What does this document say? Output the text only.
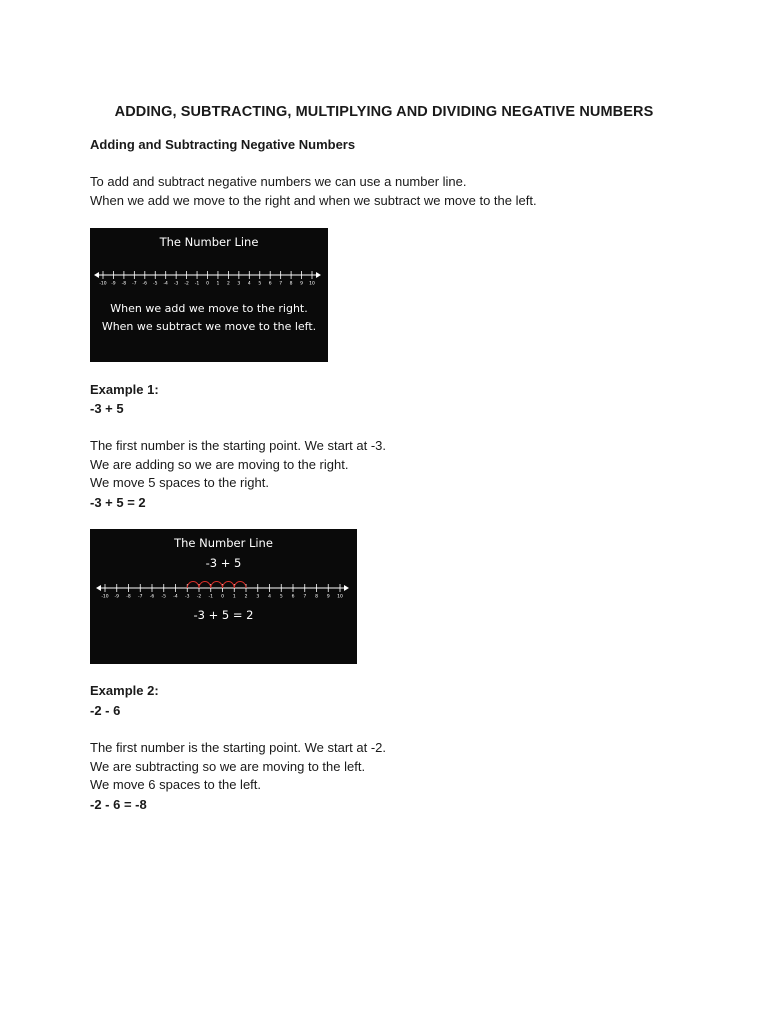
ADDING, SUBTRACTING, MULTIPLYING AND DIVIDING NEGATIVE NUMBERS
Adding and Subtracting Negative Numbers
To add and subtract negative numbers we can use a number line.
When we add we move to the right and when we subtract we move to the left.
The Number Line
-10 -9 -8 -7 -6 -5 -4 -3 -2 -1 0 1 2 3 4 5 6 7 8 9 10
When we add we move to the right.
When we subtract we move to the left.
Example 1:
-3 + 5
The first number is the starting point. We start at -3.
We are adding so we are moving to the right.
We move 5 spaces to the right.
-3 + 5 = 2
The Number Line
-3 + 5
-10 -9 -8 -7 -6 -5 -4 -3 -2 -1 0 1 2 3 4 5 6 7 8 9 10
-3 + 5 = 2
Example 2:
-2 - 6
The first number is the starting point. We start at -2.
We are subtracting so we are moving to the left.
We move 6 spaces to the left.
-2 - 6 = -8
